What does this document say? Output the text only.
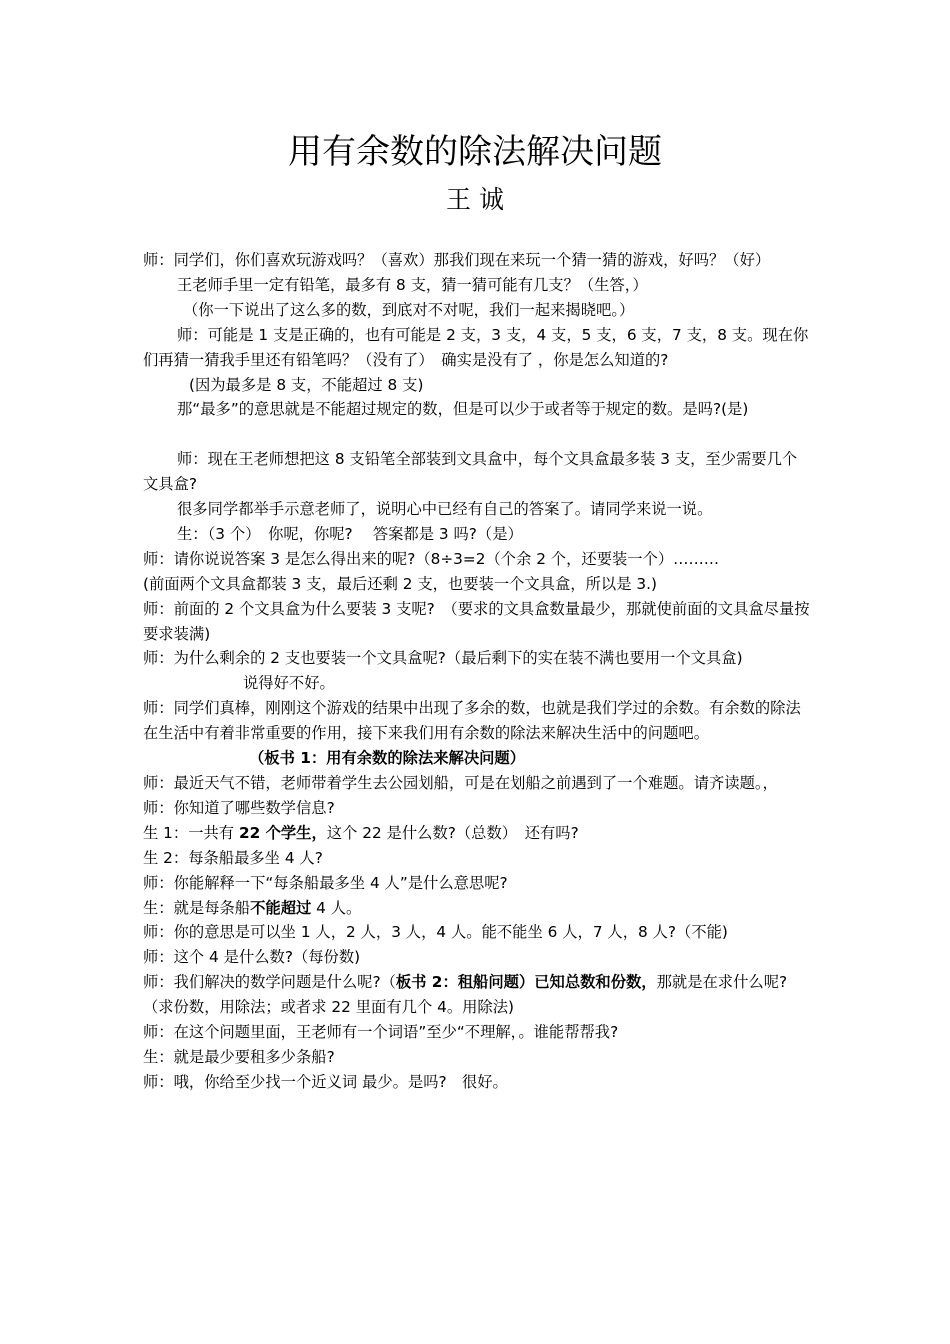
用有余数的除法解决问题
王 诚

师：同学们，你们喜欢玩游戏吗？（喜欢）那我们现在来玩一个猜一猜的游戏，好吗？（好）

王老师手里一定有铅笔，最多有 8 支，猜一猜可能有几支？（生答，）

（你一下说出了这么多的数，到底对不对呢，我们一起来揭晓吧。）

师：可能是 1 支是正确的，也有可能是 2 支，3 支，4 支，5 支，6 支，7 支，8 支。现在你们再猜一猜我手里还有铅笔吗？（没有了）　确实是没有了 ，你是怎么知道的?

(因为最多是 8 支，不能超过 8 支)

那“最多”的意思就是不能超过规定的数，但是可以少于或者等于规定的数。是吗?(是)

师：现在王老师想把这 8 支铅笔全部装到文具盒中，每个文具盒最多装 3 支，至少需要几个文具盒?

很多同学都举手示意老师了，说明心中已经有自己的答案了。请同学来说一说。

生：（3 个）　你呢，你呢?　 答案都是 3 吗?（是）

师：请你说说答案 3 是怎么得出来的呢?（8÷3=2（个余 2 个，还要装一个）………

(前面两个文具盒都装 3 支，最后还剩 2 支，也要装一个文具盒，所以是 3.)

师：前面的 2 个文具盒为什么要装 3 支呢?　（要求的文具盒数量最少，那就使前面的文具盒尽量按要求装满)

师：为什么剩余的 2 支也要装一个文具盒呢?（最后剩下的实在装不满也要用一个文具盒)

说得好不好。

师：同学们真棒，刚刚这个游戏的结果中出现了多余的数，也就是我们学过的余数。有余数的除法在生活中有着非常重要的作用，接下来我们用有余数的除法来解决生活中的问题吧。

（板书 1：用有余数的除法来解决问题）

师：最近天气不错，老师带着学生去公园划船，可是在划船之前遇到了一个难题。请齐读题。，

师：你知道了哪些数学信息?

生 1：一共有 22 个学生，这个 22 是什么数?（总数）　还有吗?

生 2：每条船最多坐 4 人?

师：你能解释一下“每条船最多坐 4 人”是什么意思呢?

生：就是每条船不能超过 4 人。

师：你的意思是可以坐 1 人，2 人，3 人，4 人。能不能坐 6 人，7 人，8 人?（不能)

师：这个 4 是什么数?（每份数)

师：我们解决的数学问题是什么呢?（板书 2：租船问题）已知总数和份数，那就是在求什么呢?（求份数，用除法；或者求 22 里面有几个 4。用除法)

师：在这个问题里面，王老师有一个词语”至少“不理解，。谁能帮帮我?

生：就是最少要租多少条船?

师：哦，你给至少找一个近义词 最少。是吗?　很好。
